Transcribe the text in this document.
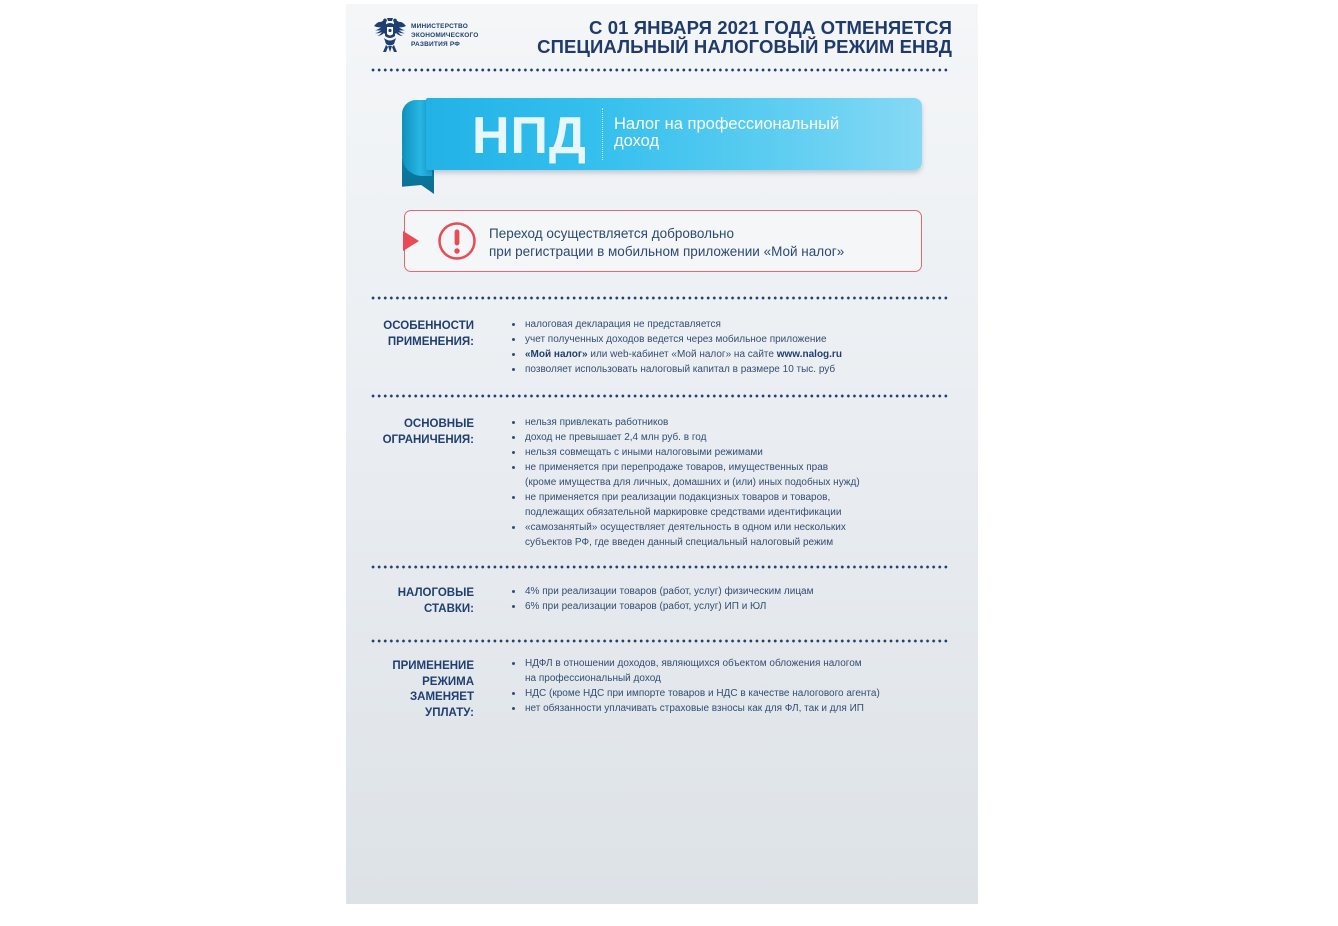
МИНИСТЕРСТВО
ЭКОНОМИЧЕСКОГО
РАЗВИТИЯ РФ
С 01 ЯНВАРЯ 2021 ГОДА ОТМЕНЯЕТСЯ
СПЕЦИАЛЬНЫЙ НАЛОГОВЫЙ РЕЖИМ ЕНВД
НПД Налог на профессиональный
доход
Переход осуществляется добровольно
при регистрации в мобильном приложении «Мой налог»
ОСОБЕННОСТИ
ПРИМЕНЕНИЯ:
налоговая декларация не представляется
учет полученных доходов ведется через мобильное приложение
«Мой налог» или web-кабинет «Мой налог» на сайте www.nalog.ru
позволяет использовать налоговый капитал в размере 10 тыс. руб
ОСНОВНЫЕ
ОГРАНИЧЕНИЯ:
нельзя привлекать работников
доход не превышает 2,4 млн руб. в год
нельзя совмещать с иными налоговыми режимами
не применяется при перепродаже товаров, имущественных прав
(кроме имущества для личных, домашних и (или) иных подобных нужд)
не применяется при реализации подакцизных товаров и товаров,
подлежащих обязательной маркировке средствами идентификации
«самозанятый» осуществляет деятельность в одном или нескольких
субъектов РФ, где введен данный специальный налоговый режим
НАЛОГОВЫЕ
СТАВКИ:
4% при реализации товаров (работ, услуг) физическим лицам
6% при реализации товаров (работ, услуг) ИП и ЮЛ
ПРИМЕНЕНИЕ
РЕЖИМА
ЗАМЕНЯЕТ
УПЛАТУ:
НДФЛ в отношении доходов, являющихся объектом обложения налогом
на профессиональный доход
НДС (кроме НДС при импорте товаров и НДС в качестве налогового агента)
нет обязанности уплачивать страховые взносы как для ФЛ, так и для ИП
